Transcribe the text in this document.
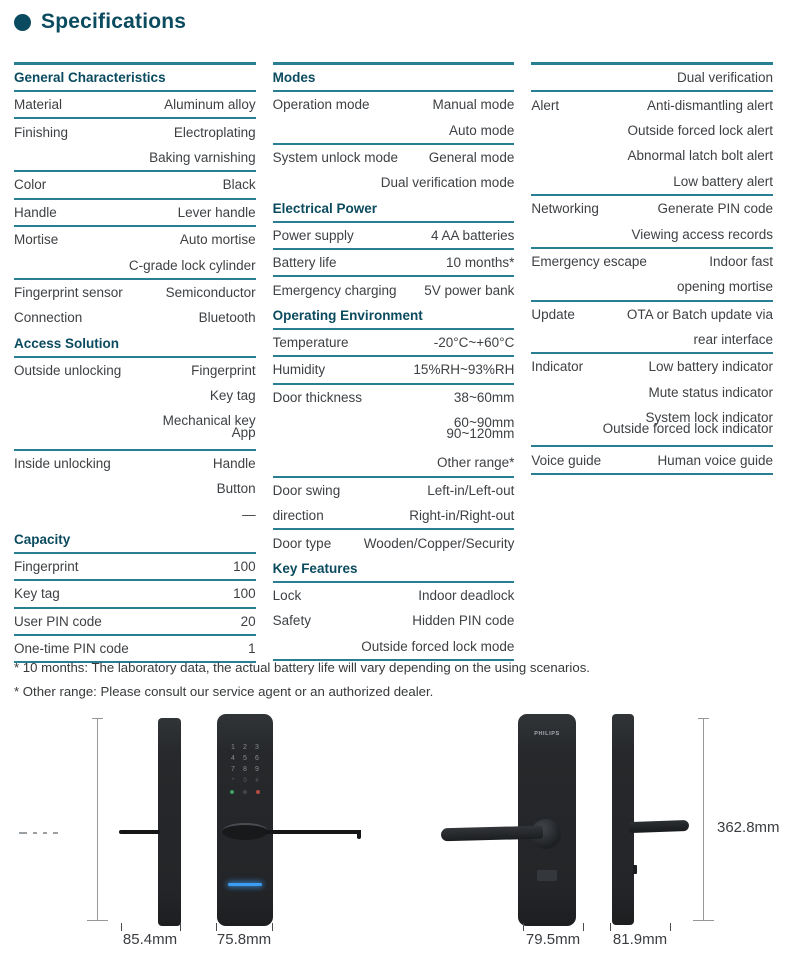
Specifications
General Characteristics
Material	Aluminum alloy
Finishing	Electroplating
Baking varnishing
Color	Black
Handle	Lever handle
Mortise	Auto mortise
C-grade lock cylinder
Fingerprint sensor	Semiconductor
Connection	Bluetooth
Access Solution
Outside unlocking	Fingerprint
Key tag
Mechanical key
App
Inside unlocking	Handle
Button
—
Capacity
Fingerprint	100
Key tag	100
User PIN code	20
One-time PIN code	1
Modes
Operation mode	Manual mode
Auto mode
System unlock mode General mode
Dual verification mode
Electrical Power
Power supply	4 AA batteries
Battery life	10 months*
Emergency charging 5V power bank
Operating Environment
Temperature	-20°C~+60°C
Humidity	15%RH~93%RH
Door thickness	38~60mm
60~90mm
90~120mm
Other range*
Door swing	Left-in/Left-out
direction	Right-in/Right-out
Door type Wooden/Copper/Security
Key Features
Lock	Indoor deadlock
Safety	Hidden PIN code
Outside forced lock mode
Dual verification
Alert	Anti-dismantling alert
Outside forced lock alert
Abnormal latch bolt alert
Low battery alert
Networking	Generate PIN code
Viewing access records
Emergency escape	Indoor fast
opening mortise
Update	OTA or Batch update via
rear interface
Indicator	Low battery indicator
Mute status indicator
System lock indicator
Outside forced lock indicator
Voice guide	Human voice guide
* 10 months: The laboratory data, the actual battery life will vary depending on the using scenarios.
* Other range: Please consult our service agent or an authorized dealer.
1 2 3
4 5 6
7 8 9
* 0 #
PHILIPS
362.8mm
85.4mm	75.8mm	79.5mm	81.9mm
